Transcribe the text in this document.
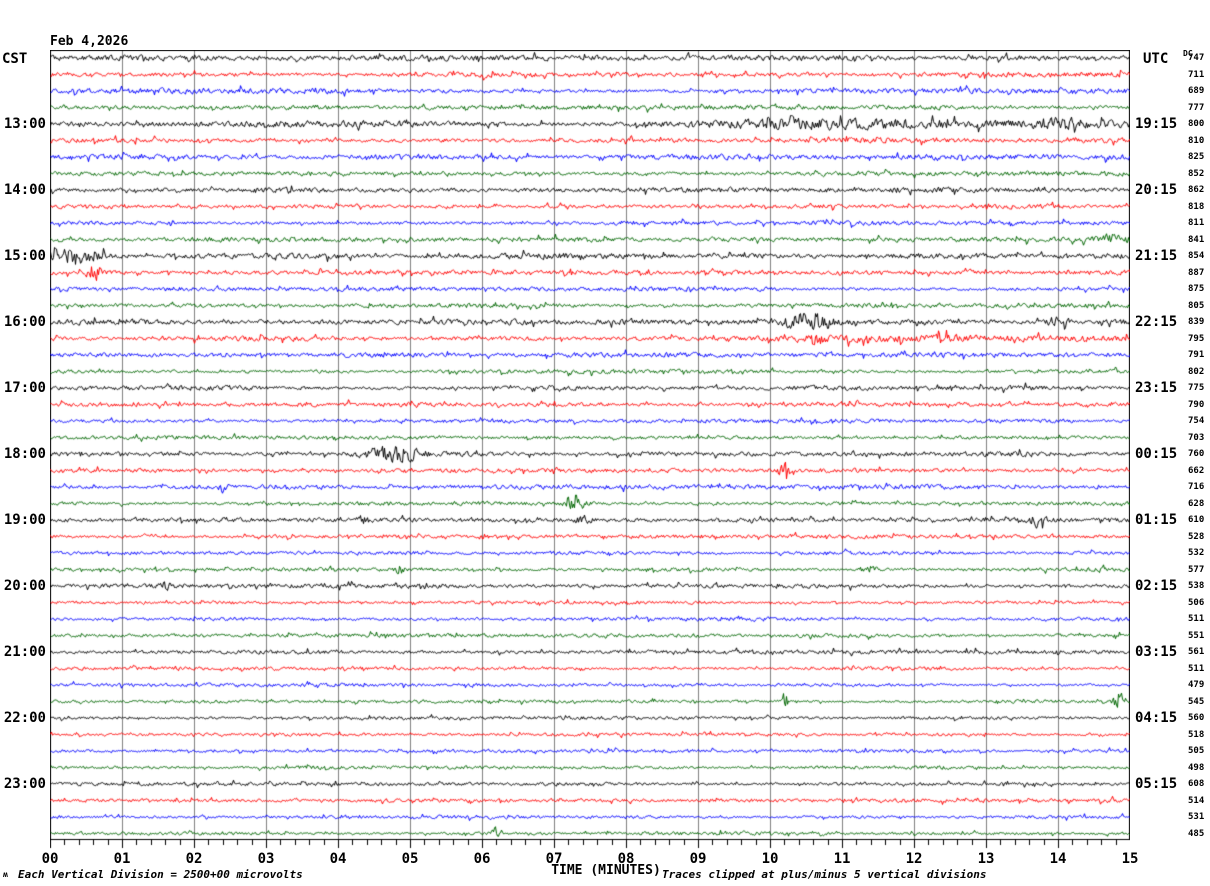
Feb 4,2026

CST	UTC DC
747
711
689
777
13:00	19:15 800
810
825
852
14:00	20:15 862
818
811
841
15:00	21:15 854
887
875
805
16:00	22:15 839
795
791
802
17:00	23:15 775
790
754
703
18:00	00:15 760
662
716
628
19:00	01:15 610
528
532
577
20:00	02:15 538
506
511
551
21:00	03:15 561
511
479
545
22:00	04:15 560
518
505
498
23:00	05:15 608
514
531
485
00	01	02	03	04	05	06	07	08	09	10	11	12	13	14	15
TIME (MINUTES)
Each Vertical Division = 2500+00 microvolts	Traces clipped at plus/minus 5 vertical divisions
ʍ
